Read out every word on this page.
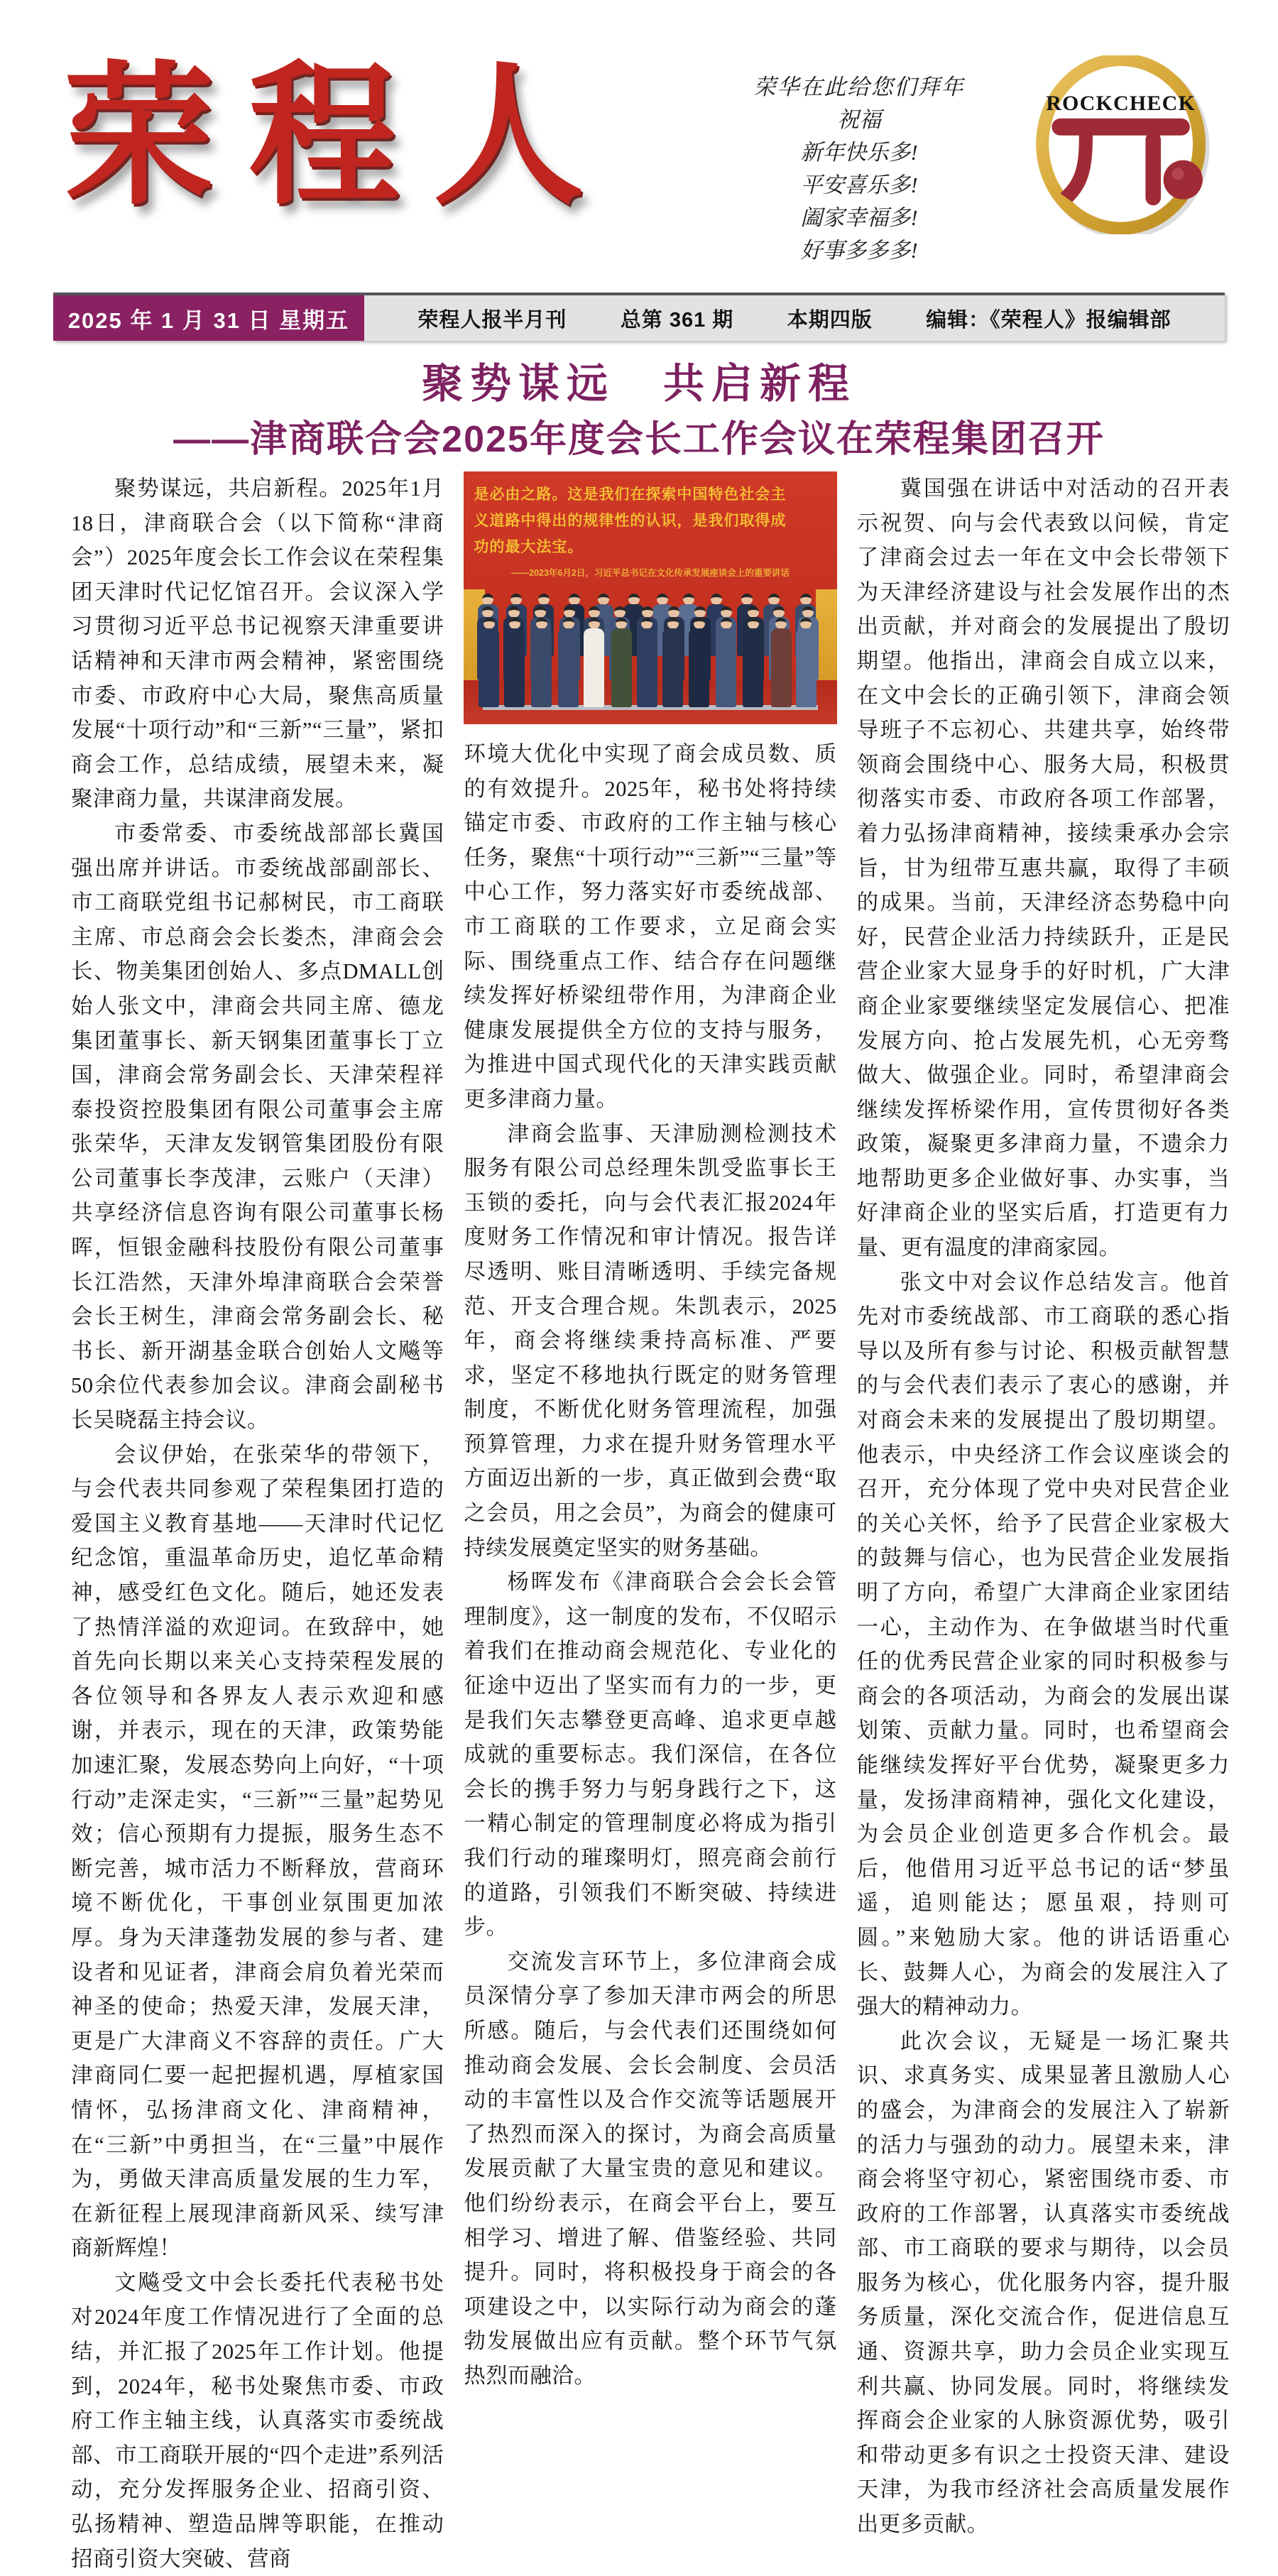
荣程人	荣华在此给您们拜年
祝福
新年快乐多!
平安喜乐多!
阖家幸福多!
好事多多多!
ROCKCHECK
2025 年 1 月 31 日 星期五	荣程人报半月刊	总第 361 期	本期四版	编辑：《荣程人》报编辑部
聚势谋远　共启新程
——津商联合会2025年度会长工作会议在荣程集团召开

聚势谋远，共启新程。2025年1月18日，津商联合会（以下简称“津商会”）2025年度会长工作会议在荣程集团天津时代记忆馆召开。会议深入学习贯彻习近平总书记视察天津重要讲话精神和天津市两会精神，紧密围绕市委、市政府中心大局，聚焦高质量发展“十项行动”和“三新”“三量”，紧扣商会工作，总结成绩，展望未来，凝聚津商力量，共谋津商发展。

市委常委、市委统战部部长冀国强出席并讲话。市委统战部副部长、市工商联党组书记郝树民，市工商联主席、市总商会会长娄杰，津商会会长、物美集团创始人、多点DMALL创始人张文中，津商会共同主席、德龙集团董事长、新天钢集团董事长丁立国，津商会常务副会长、天津荣程祥泰投资控股集团有限公司董事会主席张荣华，天津友发钢管集团股份有限公司董事长李茂津，云账户（天津）共享经济信息咨询有限公司董事长杨晖，恒银金融科技股份有限公司董事长江浩然，天津外埠津商联合会荣誉会长王树生，津商会常务副会长、秘书长、新开湖基金联合创始人文飚等50余位代表参加会议。津商会副秘书长吴晓磊主持会议。

会议伊始，在张荣华的带领下，与会代表共同参观了荣程集团打造的爱国主义教育基地——天津时代记忆纪念馆，重温革命历史，追忆革命精神，感受红色文化。随后，她还发表了热情洋溢的欢迎词。在致辞中，她首先向长期以来关心支持荣程发展的各位领导和各界友人表示欢迎和感谢，并表示，现在的天津，政策势能加速汇聚，发展态势向上向好，“十项行动”走深走实，“三新”“三量”起势见效；信心预期有力提振，服务生态不断完善，城市活力不断释放，营商环境不断优化，干事创业氛围更加浓厚。身为天津蓬勃发展的参与者、建设者和见证者，津商会肩负着光荣而神圣的使命；热爱天津，发展天津，更是广大津商义不容辞的责任。广大津商同仁要一起把握机遇，厚植家国情怀，弘扬津商文化、津商精神，在“三新”中勇担当，在“三量”中展作为，勇做天津高质量发展的生力军，在新征程上展现津商新风采、续写津商新辉煌！

文飚受文中会长委托代表秘书处对2024年度工作情况进行了全面的总结，并汇报了2025年工作计划。他提到，2024年，秘书处聚焦市委、市政府工作主轴主线，认真落实市委统战部、市工商联开展的“四个走进”系列活动，充分发挥服务企业、招商引资、弘扬精神、塑造品牌等职能，在推动招商引资大突破、营商

是必由之路。这是我们在探索中国特色社会主
义道路中得出的规律性的认识，是我们取得成
功的最大法宝。
——2023年6月2日，习近平总书记在文化传承发展座谈会上的重要讲话

环境大优化中实现了商会成员数、质的有效提升。2025年，秘书处将持续锚定市委、市政府的工作主轴与核心任务，聚焦“十项行动”“三新”“三量”等中心工作，努力落实好市委统战部、市工商联的工作要求，立足商会实际、围绕重点工作、结合存在问题继续发挥好桥梁纽带作用，为津商企业健康发展提供全方位的支持与服务，为推进中国式现代化的天津实践贡献更多津商力量。

津商会监事、天津励测检测技术服务有限公司总经理朱凯受监事长王玉锁的委托，向与会代表汇报2024年度财务工作情况和审计情况。报告详尽透明、账目清晰透明、手续完备规范、开支合理合规。朱凯表示，2025年，商会将继续秉持高标准、严要求，坚定不移地执行既定的财务管理制度，不断优化财务管理流程，加强预算管理，力求在提升财务管理水平方面迈出新的一步，真正做到会费“取之会员，用之会员”，为商会的健康可持续发展奠定坚实的财务基础。

杨晖发布《津商联合会会长会管理制度》，这一制度的发布，不仅昭示着我们在推动商会规范化、专业化的征途中迈出了坚实而有力的一步，更是我们矢志攀登更高峰、追求更卓越成就的重要标志。我们深信，在各位会长的携手努力与躬身践行之下，这一精心制定的管理制度必将成为指引我们行动的璀璨明灯，照亮商会前行的道路，引领我们不断突破、持续进步。

交流发言环节上，多位津商会成员深情分享了参加天津市两会的所思所感。随后，与会代表们还围绕如何推动商会发展、会长会制度、会员活动的丰富性以及合作交流等话题展开了热烈而深入的探讨，为商会高质量发展贡献了大量宝贵的意见和建议。他们纷纷表示，在商会平台上，要互相学习、增进了解、借鉴经验、共同提升。同时，将积极投身于商会的各项建设之中，以实际行动为商会的蓬勃发展做出应有贡献。整个环节气氛热烈而融洽。

冀国强在讲话中对活动的召开表示祝贺、向与会代表致以问候，肯定了津商会过去一年在文中会长带领下为天津经济建设与社会发展作出的杰出贡献，并对商会的发展提出了殷切期望。他指出，津商会自成立以来，在文中会长的正确引领下，津商会领导班子不忘初心、共建共享，始终带领商会围绕中心、服务大局，积极贯彻落实市委、市政府各项工作部署，着力弘扬津商精神，接续秉承办会宗旨，甘为纽带互惠共赢，取得了丰硕的成果。当前，天津经济态势稳中向好，民营企业活力持续跃升，正是民营企业家大显身手的好时机，广大津商企业家要继续坚定发展信心、把准发展方向、抢占发展先机，心无旁骛做大、做强企业。同时，希望津商会继续发挥桥梁作用，宣传贯彻好各类政策，凝聚更多津商力量，不遗余力地帮助更多企业做好事、办实事，当好津商企业的坚实后盾，打造更有力量、更有温度的津商家园。

张文中对会议作总结发言。他首先对市委统战部、市工商联的悉心指导以及所有参与讨论、积极贡献智慧的与会代表们表示了衷心的感谢，并对商会未来的发展提出了殷切期望。他表示，中央经济工作会议座谈会的召开，充分体现了党中央对民营企业的关心关怀，给予了民营企业家极大的鼓舞与信心，也为民营企业发展指明了方向，希望广大津商企业家团结一心，主动作为、在争做堪当时代重任的优秀民营企业家的同时积极参与商会的各项活动，为商会的发展出谋划策、贡献力量。同时，也希望商会能继续发挥好平台优势，凝聚更多力量，发扬津商精神，强化文化建设，为会员企业创造更多合作机会。最后，他借用习近平总书记的话“梦虽遥，追则能达；愿虽艰，持则可圆。”来勉励大家。他的讲话语重心长、鼓舞人心，为商会的发展注入了强大的精神动力。

此次会议，无疑是一场汇聚共识、求真务实、成果显著且激励人心的盛会，为津商会的发展注入了崭新的活力与强劲的动力。展望未来，津商会将坚守初心，紧密围绕市委、市政府的工作部署，认真落实市委统战部、市工商联的要求与期待，以会员服务为核心，优化服务内容，提升服务质量，深化交流合作，促进信息互通、资源共享，助力会员企业实现互利共赢、协同发展。同时，将继续发挥商会企业家的人脉资源优势，吸引和带动更多有识之士投资天津、建设天津，为我市经济社会高质量发展作出更多贡献。
